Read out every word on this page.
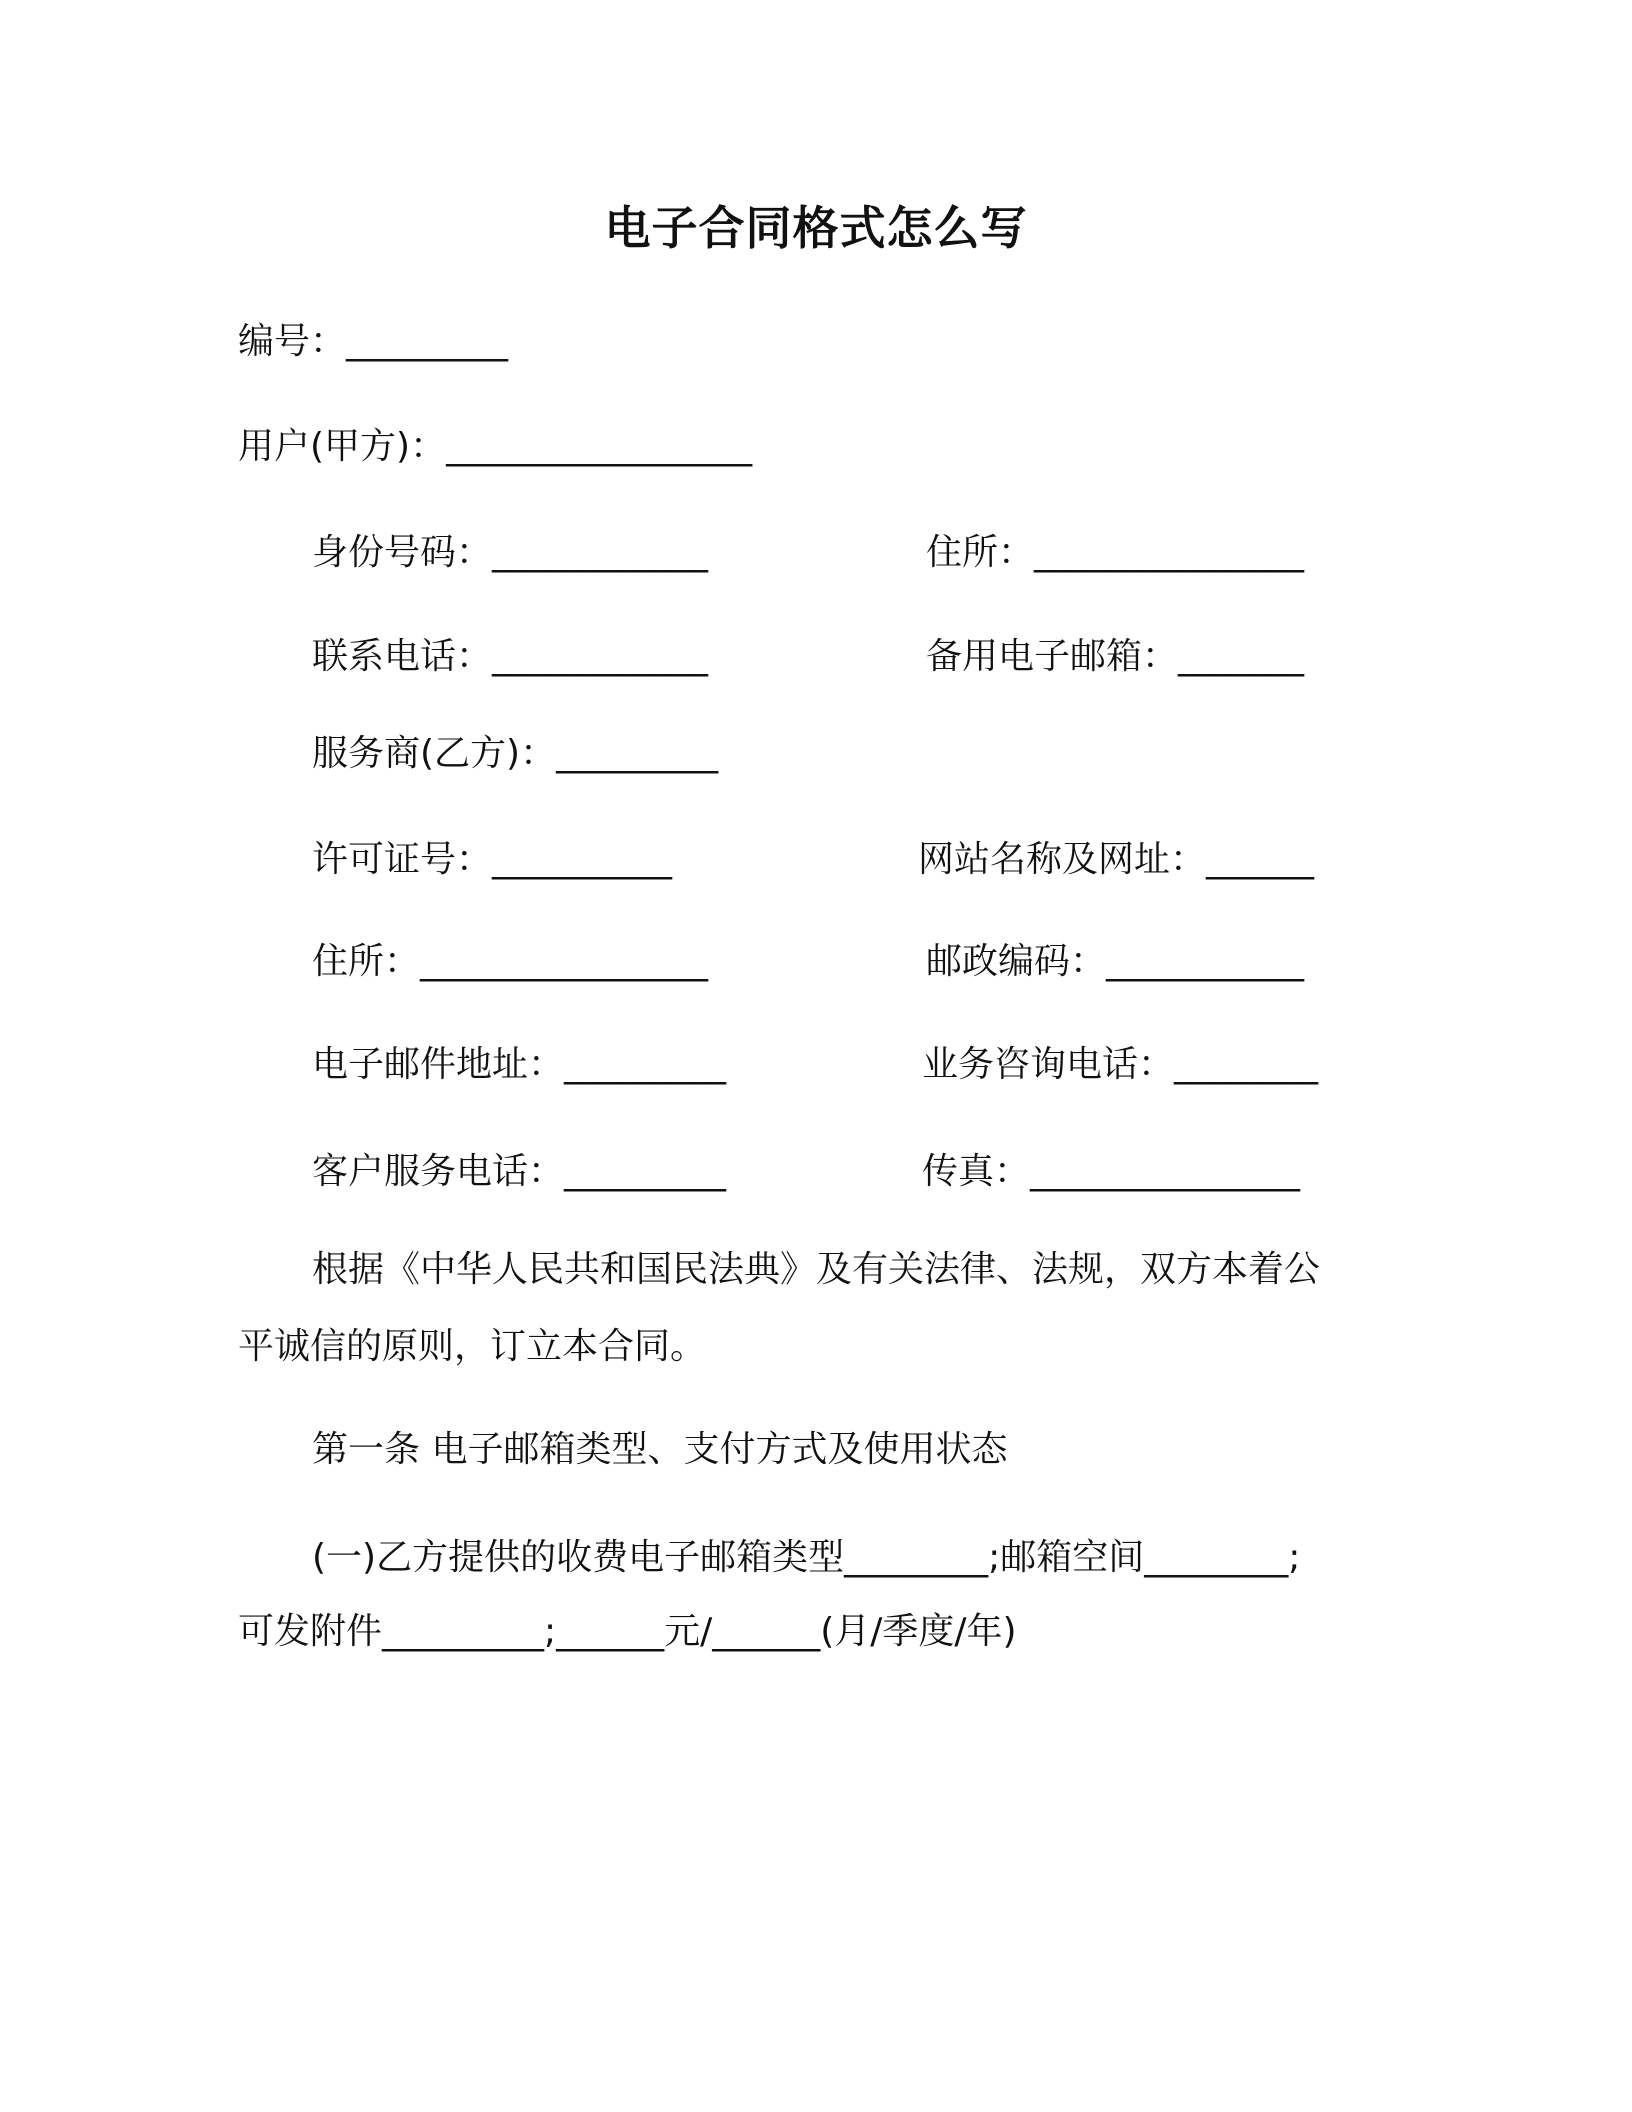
电子合同格式怎么写
编号：_________
用户(甲方)：_________________
身份号码：____________	住所：_______________
联系电话：____________	备用电子邮箱：_______
服务商(乙方)：_________
许可证号：__________	网站名称及网址：______
住所：________________	邮政编码：___________
电子邮件地址：_________	业务咨询电话：________
客户服务电话：_________	传真：_______________
根据《中华人民共和国民法典》及有关法律、法规，双方本着公
平诚信的原则，订立本合同。
第一条 电子邮箱类型、支付方式及使用状态
(一)乙方提供的收费电子邮箱类型________;邮箱空间________;
可发附件_________;______元/______(月/季度/年)
